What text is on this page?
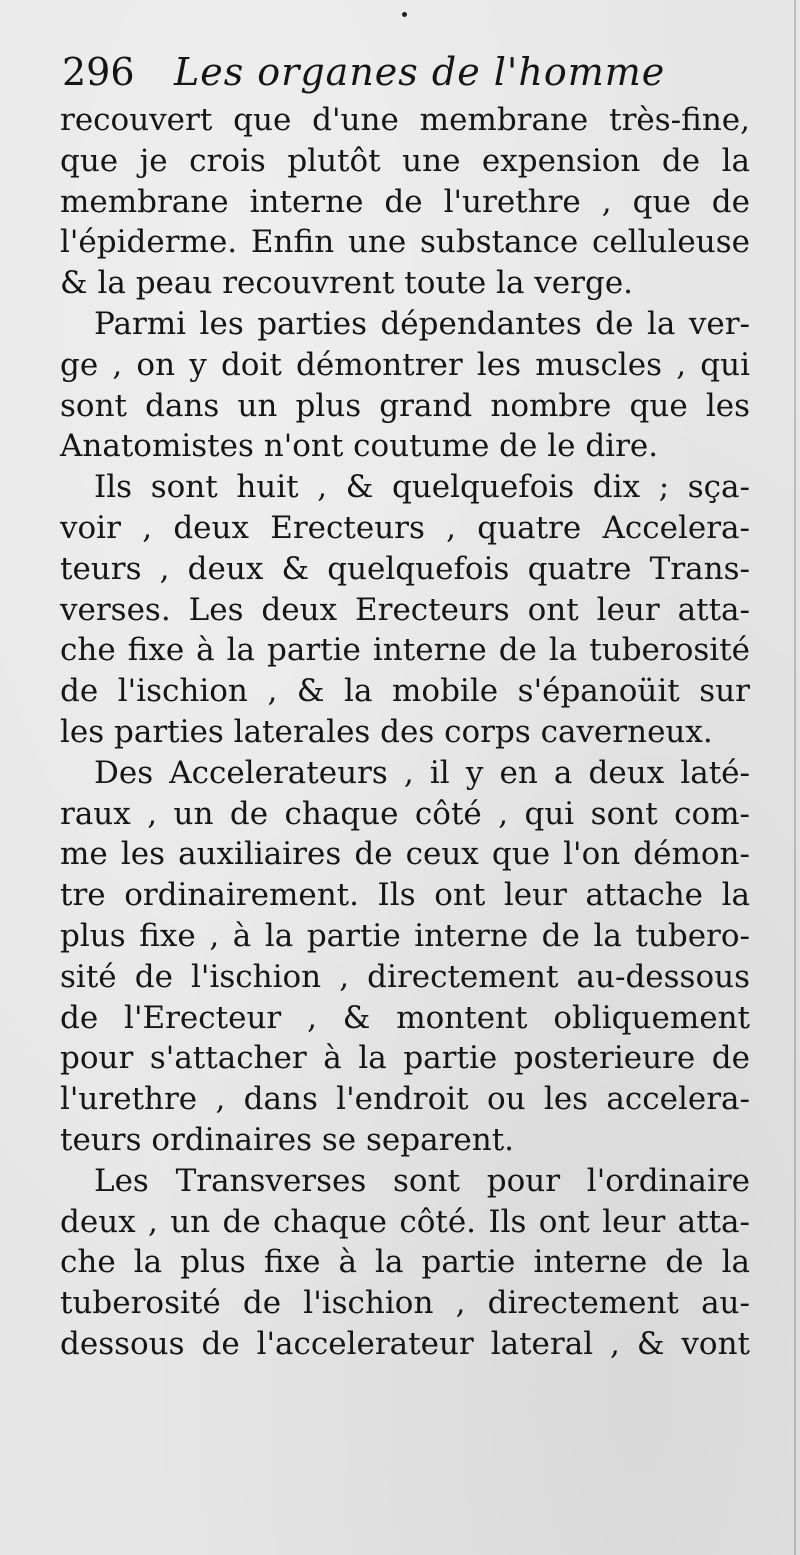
296 Les organes de l'homme

recouvert que d'une membrane très-fine,
que je crois plutôt une expension de la
membrane interne de l'urethre , que de
l'épiderme. Enfin une substance celluleuse
& la peau recouvrent toute la verge.

Parmi les parties dépendantes de la ver-
ge , on y doit démontrer les muscles , qui
sont dans un plus grand nombre que les
Anatomistes n'ont coutume de le dire.

Ils sont huit , & quelquefois dix ; sça-
voir , deux Erecteurs , quatre Accelera-
teurs , deux & quelquefois quatre Trans-
verses. Les deux Erecteurs ont leur atta-
che fixe à la partie interne de la tuberosité
de l'ischion , & la mobile s'épanoüit sur
les parties laterales des corps caverneux.

Des Accelerateurs , il y en a deux laté-
raux , un de chaque côté , qui sont com-
me les auxiliaires de ceux que l'on démon-
tre ordinairement. Ils ont leur attache la
plus fixe , à la partie interne de la tubero-
sité de l'ischion , directement au-dessous
de l'Erecteur , & montent obliquement
pour s'attacher à la partie posterieure de
l'urethre , dans l'endroit ou les accelera-
teurs ordinaires se separent.

Les Transverses sont pour l'ordinaire
deux , un de chaque côté. Ils ont leur atta-
che la plus fixe à la partie interne de la
tuberosité de l'ischion , directement au-
dessous de l'accelerateur lateral , & vont
